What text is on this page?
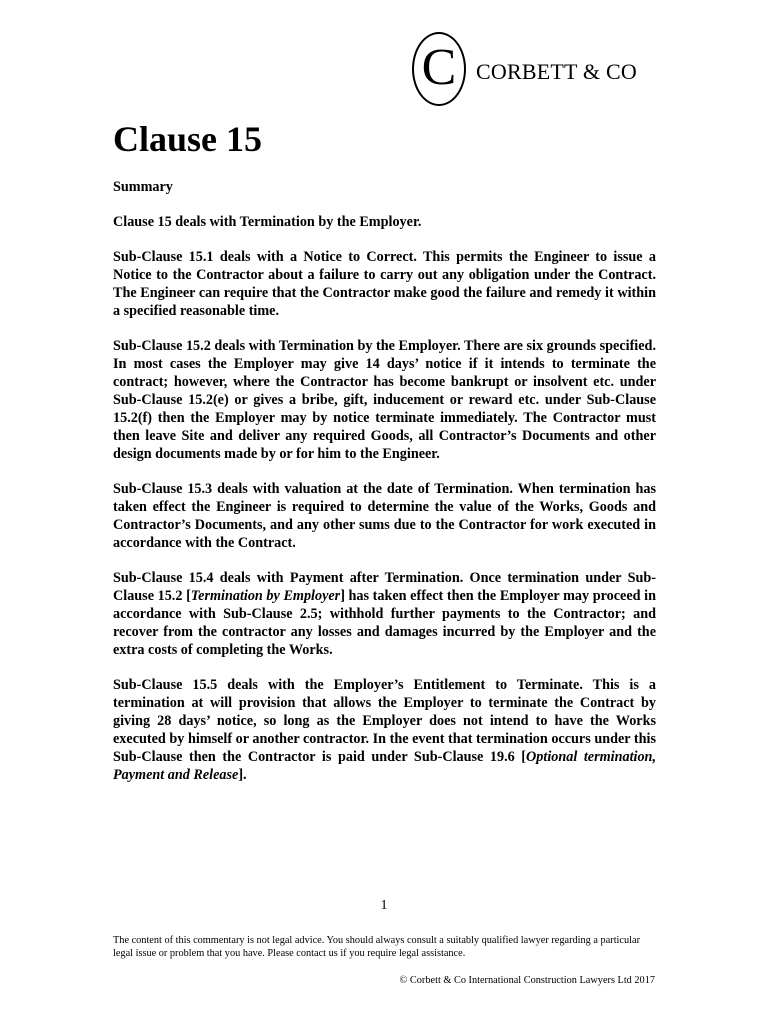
C CORBETT & CO
Clause 15

Summary

Clause 15 deals with Termination by the Employer.

Sub-Clause 15.1 deals with a Notice to Correct. This permits the Engineer to issue a Notice to the Contractor about a failure to carry out any obligation under the Contract. The Engineer can require that the Contractor make good the failure and remedy it within a specified reasonable time.

Sub-Clause 15.2 deals with Termination by the Employer. There are six grounds specified. In most cases the Employer may give 14 days’ notice if it intends to terminate the contract; however, where the Contractor has become bankrupt or insolvent etc. under Sub-Clause 15.2(e) or gives a bribe, gift, inducement or reward etc. under Sub-Clause 15.2(f) then the Employer may by notice terminate immediately. The Contractor must then leave Site and deliver any required Goods, all Contractor’s Documents and other design documents made by or for him to the Engineer.

Sub-Clause 15.3 deals with valuation at the date of Termination. When termination has taken effect the Engineer is required to determine the value of the Works, Goods and Contractor’s Documents, and any other sums due to the Contractor for work executed in accordance with the Contract.

Sub-Clause 15.4 deals with Payment after Termination. Once termination under Sub-Clause 15.2 [Termination by Employer] has taken effect then the Employer may proceed in accordance with Sub-Clause 2.5; withhold further payments to the Contractor; and recover from the contractor any losses and damages incurred by the Employer and the extra costs of completing the Works.

Sub-Clause 15.5 deals with the Employer’s Entitlement to Terminate. This is a termination at will provision that allows the Employer to terminate the Contract by giving 28 days’ notice, so long as the Employer does not intend to have the Works executed by himself or another contractor. In the event that termination occurs under this Sub-Clause then the Contractor is paid under Sub-Clause 19.6 [Optional termination, Payment and Release].

1
The content of this commentary is not legal advice. You should always consult a suitably qualified lawyer regarding a particular legal issue or problem that you have. Please contact us if you require legal assistance.
© Corbett & Co International Construction Lawyers Ltd 2017
